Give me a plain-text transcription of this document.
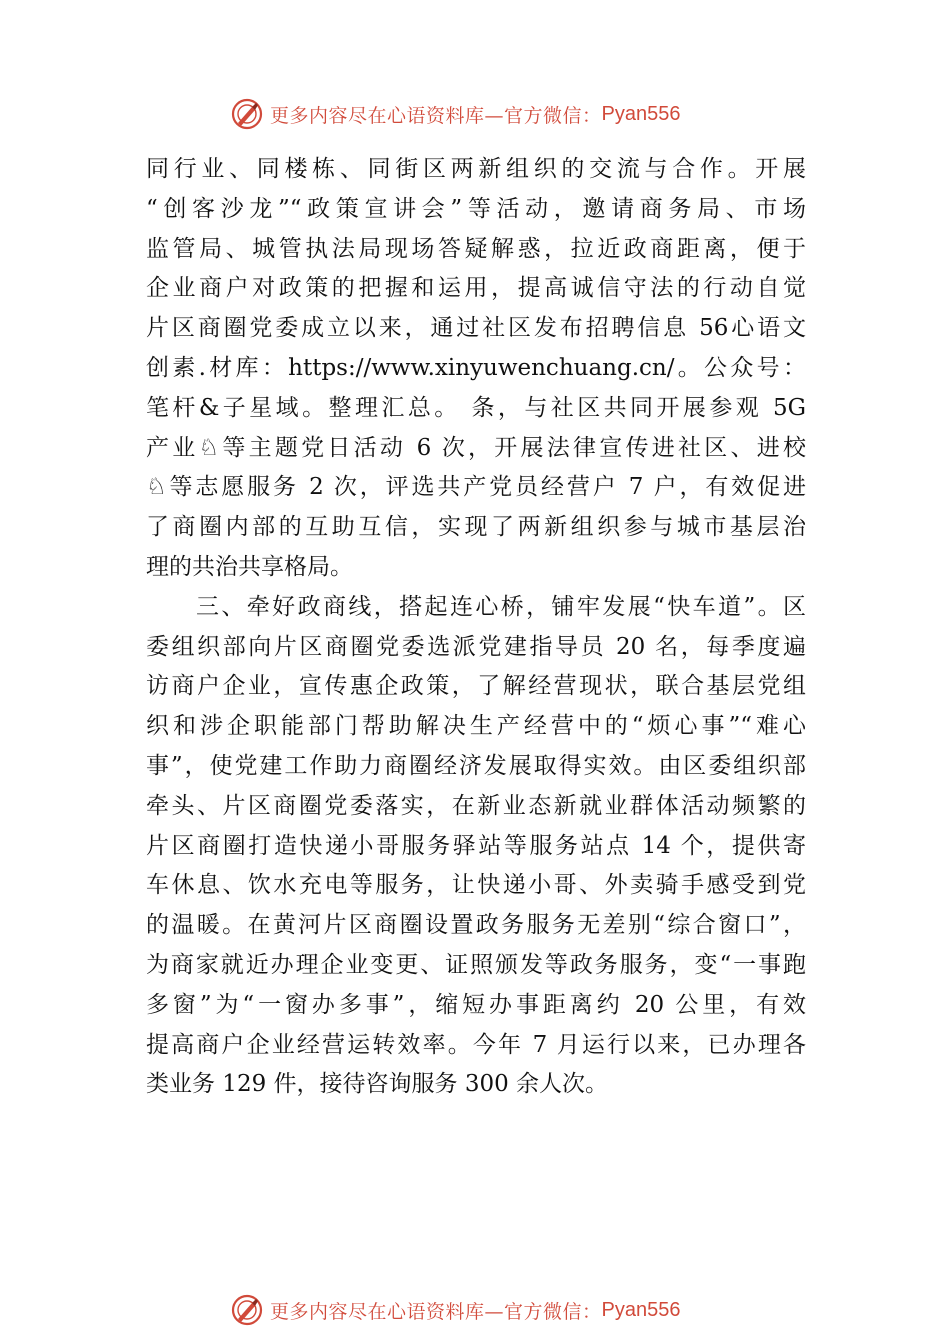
更多内容尽在心语资料库—官方微信： Pyan556
同行业、同楼栋、同街区两新组织的交流与合作。开展
“创客沙龙”“政策宣讲会”等活动，邀请商务局、市场
监管局、城管执法局现场答疑解惑，拉近政商距离，便于
企业商户对政策的把握和运用，提高诚信守法的行动自觉
片区商圈党委成立以来，通过社区发布招聘信息 56心语文
创素.材库：https://www.xinyuwenchuang.cn/。公众号：
笔杆&子星域。整理汇总。 条，与社区共同开展参观 5G
产业♘等主题党日活动 6 次，开展法律宣传进社区、进校
♘等志愿服务 2 次，评选共产党员经营户 7 户，有效促进
了商圈内部的互助互信，实现了两新组织参与城市基层治
理的共治共享格局。
三、牵好政商线，搭起连心桥，铺牢发展“快车道”。区
委组织部向片区商圈党委选派党建指导员 20 名，每季度遍
访商户企业，宣传惠企政策，了解经营现状，联合基层党组
织和涉企职能部门帮助解决生产经营中的“烦心事”“难心
事”，使党建工作助力商圈经济发展取得实效。由区委组织部
牵头、片区商圈党委落实，在新业态新就业群体活动频繁的
片区商圈打造快递小哥服务驿站等服务站点 14 个，提供寄
车休息、饮水充电等服务，让快递小哥、外卖骑手感受到党
的温暖。在黄河片区商圈设置政务服务无差别“综合窗口”，
为商家就近办理企业变更、证照颁发等政务服务，变“一事跑
多窗”为“一窗办多事”，缩短办事距离约 20 公里，有效
提高商户企业经营运转效率。今年 7 月运行以来，已办理各
类业务 129 件，接待咨询服务 300 余人次。
更多内容尽在心语资料库—官方微信： Pyan556
